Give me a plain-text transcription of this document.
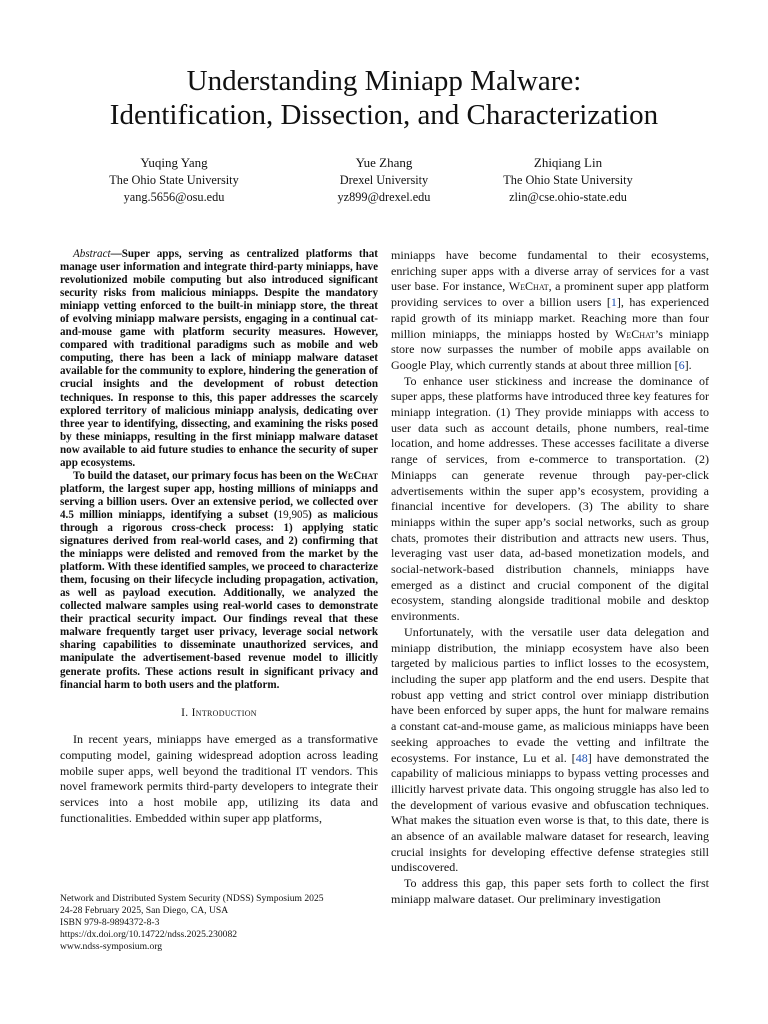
Understanding Miniapp Malware:
Identification, Dissection, and Characterization
Yuqing Yang
The Ohio State University
yang.5656@osu.edu
Yue Zhang
Drexel University
yz899@drexel.edu
Zhiqiang Lin
The Ohio State University
zlin@cse.ohio-state.edu

Abstract—Super apps, serving as centralized platforms that manage user information and integrate third-party miniapps, have revolutionized mobile computing but also introduced significant security risks from malicious miniapps. Despite the mandatory miniapp vetting enforced to the built-in miniapp store, the threat of evolving miniapp malware persists, engaging in a continual cat-and-mouse game with platform security measures. However, compared with traditional paradigms such as mobile and web computing, there has been a lack of miniapp malware dataset available for the community to explore, hindering the generation of crucial insights and the development of robust detection techniques. In response to this, this paper addresses the scarcely explored territory of malicious miniapp analysis, dedicating over three year to identifying, dissecting, and examining the risks posed by these miniapps, resulting in the first miniapp malware dataset now available to aid future studies to enhance the security of super app ecosystems.

To build the dataset, our primary focus has been on the WeChat platform, the largest super app, hosting millions of miniapps and serving a billion users. Over an extensive period, we collected over 4.5 million miniapps, identifying a subset (19,905) as malicious through a rigorous cross-check process: 1) applying static signatures derived from real-world cases, and 2) confirming that the miniapps were delisted and removed from the market by the platform. With these identified samples, we proceed to characterize them, focusing on their lifecycle including propagation, activation, as well as payload execution. Additionally, we analyzed the collected malware samples using real-world cases to demonstrate their practical security impact. Our findings reveal that these malware frequently target user privacy, leverage social network sharing capabilities to disseminate unauthorized services, and manipulate the advertisement-based revenue model to illicitly generate profits. These actions result in significant privacy and financial harm to both users and the platform.

I. Introduction

In recent years, miniapps have emerged as a transformative computing model, gaining widespread adoption across leading mobile super apps, well beyond the traditional IT vendors. This novel framework permits third-party developers to integrate their services into a host mobile app, utilizing its data and functionalities. Embedded within super app platforms,

Network and Distributed System Security (NDSS) Symposium 2025
24-28 February 2025, San Diego, CA, USA
ISBN 979-8-9894372-8-3
https://dx.doi.org/10.14722/ndss.2025.230082
www.ndss-symposium.org

miniapps have become fundamental to their ecosystems, enriching super apps with a diverse array of services for a vast user base. For instance, WeChat, a prominent super app platform providing services to over a billion users [1], has experienced rapid growth of its miniapp market. Reaching more than four million miniapps, the miniapps hosted by WeChat’s miniapp store now surpasses the number of mobile apps available on Google Play, which currently stands at about three million [6].

To enhance user stickiness and increase the dominance of super apps, these platforms have introduced three key features for miniapp integration. (1) They provide miniapps with access to user data such as account details, phone numbers, real-time location, and home addresses. These accesses facilitate a diverse range of services, from e-commerce to transportation. (2) Miniapps can generate revenue through pay-per-click advertisements within the super app’s ecosystem, providing a financial incentive for developers. (3) The ability to share miniapps within the super app’s social networks, such as group chats, promotes their distribution and attracts new users. Thus, leveraging vast user data, ad-based monetization models, and social-network-based distribution channels, miniapps have emerged as a distinct and crucial component of the digital ecosystem, standing alongside traditional mobile and desktop environments.

Unfortunately, with the versatile user data delegation and miniapp distribution, the miniapp ecosystem have also been targeted by malicious parties to inflict losses to the ecosystem, including the super app platform and the end users. Despite that robust app vetting and strict control over miniapp distribution have been enforced by super apps, the hunt for malware remains a constant cat-and-mouse game, as malicious miniapps have been seeking approaches to evade the vetting and infiltrate the ecosystems. For instance, Lu et al. [48] have demonstrated the capability of malicious miniapps to bypass vetting processes and illicitly harvest private data. This ongoing struggle has also led to the development of various evasive and obfuscation techniques. What makes the situation even worse is that, to this date, there is an absence of an available malware dataset for research, leaving crucial insights for developing effective defense strategies still undiscovered.

To address this gap, this paper sets forth to collect the first miniapp malware dataset. Our preliminary investigation
